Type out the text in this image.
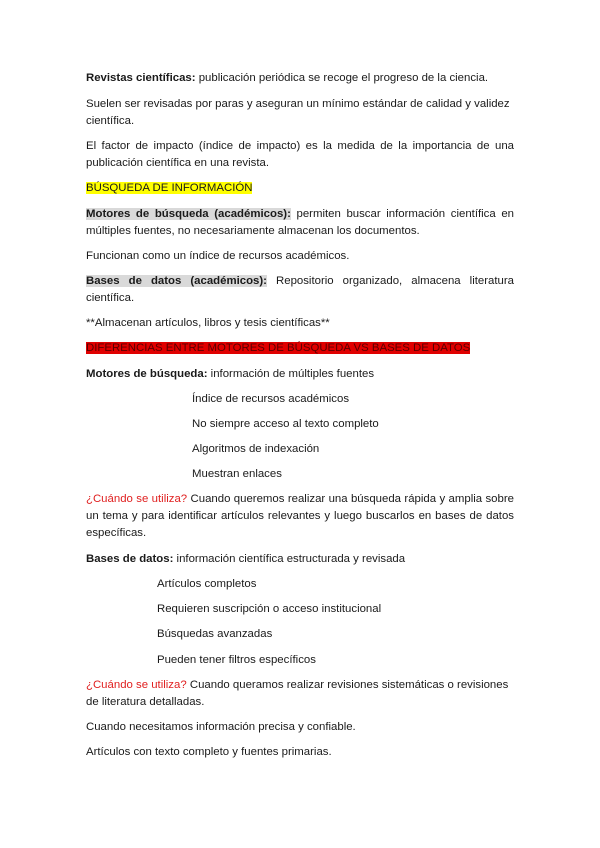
Revistas científicas: publicación periódica se recoge el progreso de la ciencia.

Suelen ser revisadas por paras y aseguran un mínimo estándar de calidad y validez científica.

El factor de impacto (índice de impacto) es la medida de la importancia de una publicación científica en una revista.

BÚSQUEDA DE INFORMACIÓN

Motores de búsqueda (académicos): permiten buscar información científica en múltiples fuentes, no necesariamente almacenan los documentos.

Funcionan como un índice de recursos académicos.

Bases de datos (académicos): Repositorio organizado, almacena literatura científica.

**Almacenan artículos, libros y tesis científicas**

DIFERENCIAS ENTRE MOTORES DE BÚSQUEDA VS BASES DE DATOS

Motores de búsqueda: información de múltiples fuentes

Índice de recursos académicos

No siempre acceso al texto completo

Algoritmos de indexación

Muestran enlaces

¿Cuándo se utiliza? Cuando queremos realizar una búsqueda rápida y amplia sobre un tema y para identificar artículos relevantes y luego buscarlos en bases de datos específicas.

Bases de datos: información científica estructurada y revisada

Artículos completos

Requieren suscripción o acceso institucional

Búsquedas avanzadas

Pueden tener filtros específicos

¿Cuándo se utiliza? Cuando queramos realizar revisiones sistemáticas o revisiones de literatura detalladas.

Cuando necesitamos información precisa y confiable.

Artículos con texto completo y fuentes primarias.
